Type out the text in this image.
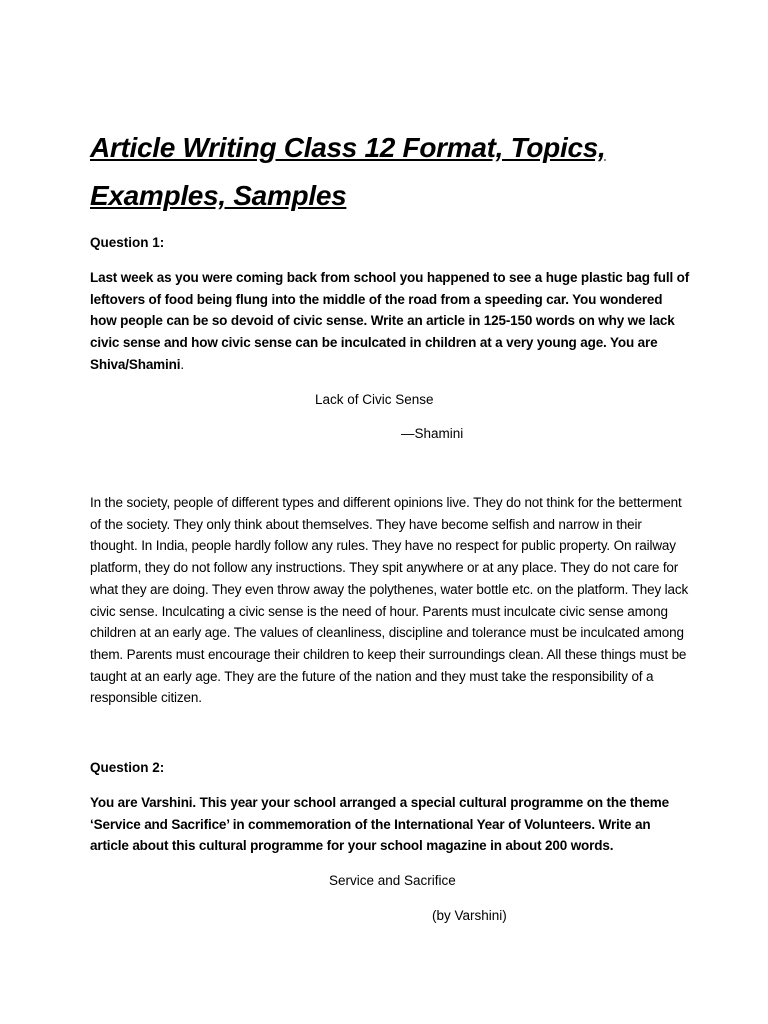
Article Writing Class 12 Format, Topics, Examples, Samples

Question 1:

Last week as you were coming back from school you happened to see a huge plastic bag full of leftovers of food being flung into the middle of the road from a speeding car. You wondered how people can be so devoid of civic sense. Write an article in 125-150 words on why we lack civic sense and how civic sense can be inculcated in children at a very young age. You are Shiva/Shamini.

Lack of Civic Sense

—Shamini

In the society, people of different types and different opinions live. They do not think for the betterment of the society. They only think about themselves. They have become selfish and narrow in their thought. In India, people hardly follow any rules. They have no respect for public property. On railway platform, they do not follow any instructions. They spit anywhere or at any place. They do not care for what they are doing. They even throw away the polythenes, water bottle etc. on the platform. They lack civic sense. Inculcating a civic sense is the need of hour. Parents must inculcate civic sense among children at an early age. The values of cleanliness, discipline and tolerance must be inculcated among them. Parents must encourage their children to keep their surroundings clean. All these things must be taught at an early age. They are the future of the nation and they must take the responsibility of a responsible citizen.

Question 2:

You are Varshini. This year your school arranged a special cultural programme on the theme ‘Service and Sacrifice’ in commemoration of the International Year of Volunteers. Write an article about this cultural programme for your school magazine in about 200 words.

Service and Sacrifice

(by Varshini)
